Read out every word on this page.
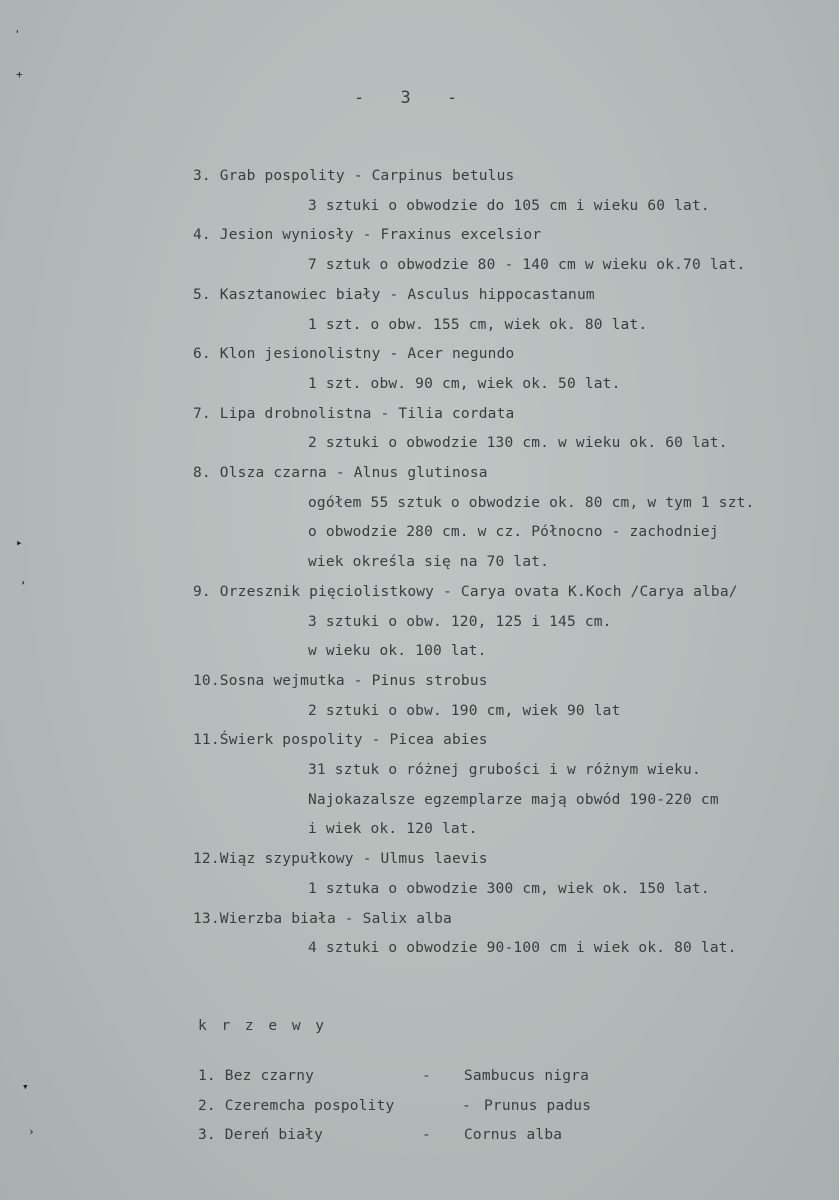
'
+
▸
,
▾
›
- 3 -
3. Grab pospolity - Carpinus betulus
3 sztuki o obwodzie do 105 cm i wieku 60 lat.
4. Jesion wyniosły - Fraxinus excelsior
7 sztuk o obwodzie 80 - 140 cm w wieku ok.70 lat.
5. Kasztanowiec biały - Asculus hippocastanum
1 szt. o obw. 155 cm, wiek ok. 80 lat.
6. Klon jesionolistny - Acer negundo
1 szt. obw. 90 cm, wiek ok. 50 lat.
7. Lipa drobnolistna - Tilia cordata
2 sztuki o obwodzie 130 cm. w wieku ok. 60 lat.
8. Olsza czarna - Alnus glutinosa
ogółem 55 sztuk o obwodzie ok. 80 cm, w tym 1 szt.
o obwodzie 280 cm. w cz. Północno - zachodniej
wiek określa się na 70 lat.
9. Orzesznik pięciolistkowy - Carya ovata K.Koch /Carya alba/
3 sztuki o obw. 120, 125 i 145 cm.
w wieku ok. 100 lat.
10.Sosna wejmutka - Pinus strobus
2 sztuki o obw. 190 cm, wiek 90 lat
11.Świerk pospolity - Picea abies
31 sztuk o różnej grubości i w różnym wieku.
Najokazalsze egzemplarze mają obwód 190-220 cm
i wiek ok. 120 lat.
12.Wiąz szypułkowy - Ulmus laevis
1 sztuka o obwodzie 300 cm, wiek ok. 150 lat.
13.Wierzba biała - Salix alba
4 sztuki o obwodzie 90-100 cm i wiek ok. 80 lat.
k r z e w y
1. Bez czarny	- Sambucus nigra
2. Czeremcha pospolity	- Prunus padus
3. Dereń biały	- Cornus alba
